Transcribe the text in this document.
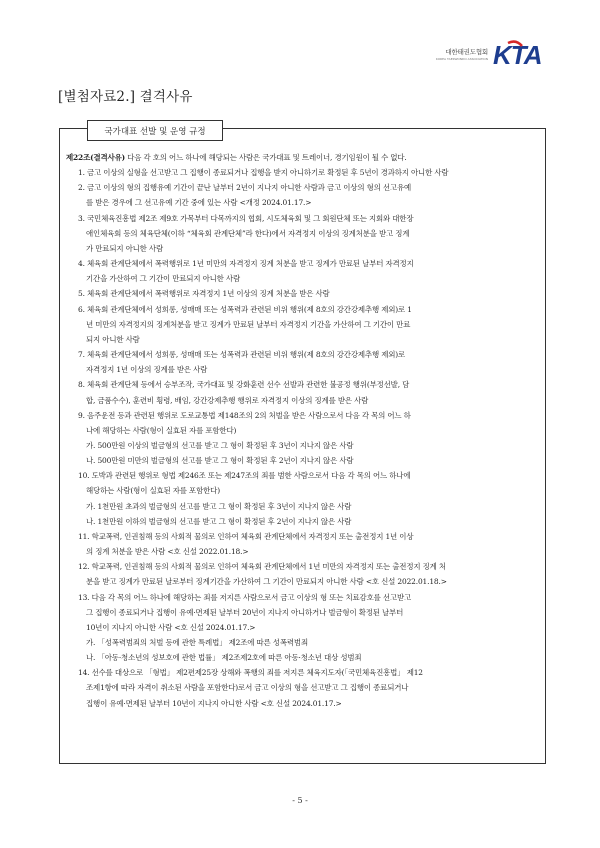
대한태권도협회
KOREA TAEKWONDO ASSOCIATION KTA
[별첨자료2.] 결격사유
국가대표 선발 및 운영 규정
제22조(결격사유) 다음 각 호의 어느 하나에 해당되는 사람은 국가대표 및 트레이너, 경기임원이 될 수 없다.
1. 금고 이상의 실형을 선고받고 그 집행이 종료되거나 집행을 받지 아니하기로 확정된 후 5년이 경과하지 아니한 사람
2. 금고 이상의 형의 집행유예 기간이 끝난 날부터 2년이 지나지 아니한 사람과 금고 이상의 형의 선고유예
를 받은 경우에 그 선고유예 기간 중에 있는 사람 <개정 2024.01.17.>
3. 국민체육진흥법 제2조 제9호 가목부터 다목까지의 협회, 시도체육회 및 그 회원단체 또는 지회와 대한장
애인체육회 등의 체육단체(이하 “체육회 관계단체”라 한다)에서 자격정지 이상의 징계처분을 받고 징계
가 만료되지 아니한 사람
4. 체육회 관계단체에서 폭력행위로 1년 미만의 자격정지 징계 처분을 받고 징계가 만료된 날부터 자격정지
기간을 가산하여 그 기간이 만료되지 아니한 사람
5. 체육회 관계단체에서 폭력행위로 자격정지 1년 이상의 징계 처분을 받은 사람
6. 체육회 관계단체에서 성희롱, 성매매 또는 성폭력과 관련된 비위 행위(제 8호의 강간강제추행 제외)로 1
년 미만의 자격정지의 징계처분을 받고 징계가 만료된 날부터 자격정지 기간을 가산하여 그 기간이 만료
되지 아니한 사람
7. 체육회 관계단체에서 성희롱, 성매매 또는 성폭력과 관련된 비위 행위(제 8호의 강간강제추행 제외)로
자격정지 1년 이상의 징계를 받은 사람
8. 체육회 관계단체 등에서 승부조작, 국가대표 및 강화훈련 선수 선발과 관련한 불공정 행위(부정선발, 담
합, 금품수수), 훈련비 횡령, 배임, 강간강제추행 행위로 자격정지 이상의 징계를 받은 사람
9. 음주운전 등과 관련된 행위로 도로교통법 제148조의 2의 처벌을 받은 사람으로서 다음 각 목의 어느 하
나에 해당하는 사람(형이 실효된 자를 포함한다)
가. 500만원 이상의 벌금형의 선고를 받고 그 형이 확정된 후 3년이 지나지 않은 사람
나. 500만원 미만의 벌금형의 선고를 받고 그 형이 확정된 후 2년이 지나지 않은 사람
10. 도박과 관련된 행위로 형법 제246조 또는 제247조의 죄를 범한 사람으로서 다음 각 목의 어느 하나에
해당하는 사람(형이 실효된 자를 포함한다)
가. 1천만원 초과의 벌금형의 선고를 받고 그 형이 확정된 후 3년이 지나지 않은 사람
나. 1천만원 이하의 벌금형의 선고를 받고 그 형이 확정된 후 2년이 지나지 않은 사람
11. 학교폭력, 인권침해 등의 사회적 물의로 인하여 체육회 관계단체에서 자격정지 또는 출전정지 1년 이상
의 징계 처분을 받은 사람 <호 신설 2022.01.18.>
12. 학교폭력, 인권침해 등의 사회적 물의로 인하여 체육회 관계단체에서 1년 미만의 자격정지 또는 출전정지 징계 처
분을 받고 징계가 만료된 날로부터 징계기간을 가산하여 그 기간이 만료되지 아니한 사람 <호 신설 2022.01.18.>
13. 다음 각 목의 어느 하나에 해당하는 죄를 저지른 사람으로서 금고 이상의 형 또는 치료감호를 선고받고
그 집행이 종료되거나 집행이 유예·면제된 날부터 20년이 지나지 아니하거나 벌금형이 확정된 날부터
10년이 지나지 아니한 사람 <호 신설 2024.01.17.>
가. 「성폭력범죄의 처벌 등에 관한 특례법」 제2조에 따른 성폭력범죄
나. 「아동·청소년의 성보호에 관한 법률」 제2조제2호에 따른 아동·청소년 대상 성범죄
14. 선수를 대상으로 「형법」 제2편제25장 상해와 폭행의 죄를 저지른 체육지도자(「국민체육진흥법」 제12
조제1항에 따라 자격이 취소된 사람을 포함한다)로서 금고 이상의 형을 선고받고 그 집행이 종료되거나
집행이 유예·면제된 날부터 10년이 지나지 아니한 사람 <호 신설 2024.01.17.>
- 5 -
